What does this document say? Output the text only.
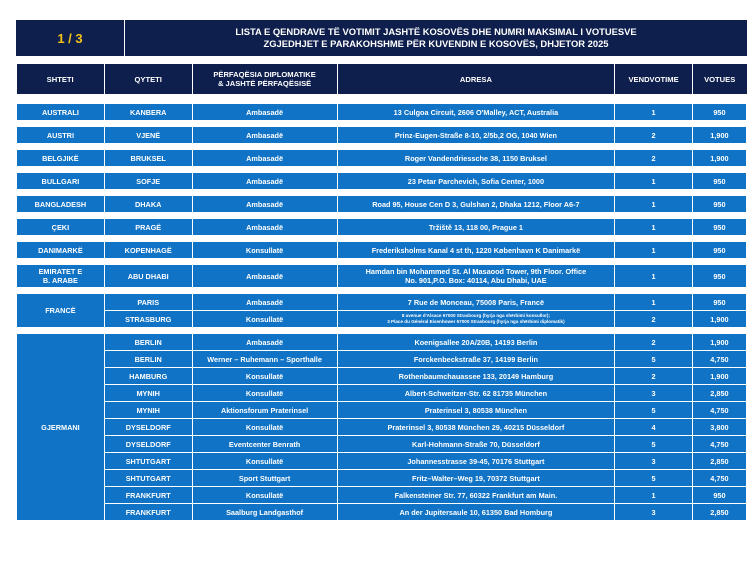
1 / 3	LISTA E QENDRAVE TË VOTIMIT JASHTË KOSOVËS DHE NUMRI MAKSIMAL I VOTUESVE
ZGJEDHJET E PARAKOHSHME PËR KUVENDIN E KOSOVËS, DHJETOR 2025
SHTETI	QYTETI	PËRFAQËSIA DIPLOMATIKE
& JASHTË PËRFAQËSISË	ADRESA	VENDVOTIME	VOTUES

AUSTRALI	KANBERA	Ambasadë	13 Culgoa Circuit, 2606 O'Malley, ACT, Australia	1	950

AUSTRI	VJENË	Ambasadë	Prinz-Eugen-Straße 8-10, 2/5b,2 OG, 1040 Wien	2	1,900

BELGJIKË	BRUKSEL	Ambasadë	Roger Vandendriessche 38, 1150 Bruksel	2	1,900

BULLGARI	SOFJE	Ambasadë	23 Petar Parchevich, Sofia Center, 1000	1	950

BANGLADESH	DHAKA	Ambasadë	Road 95, House Cen D 3, Gulshan 2, Dhaka 1212, Floor A6-7	1	950

ÇEKI	PRAGË	Ambasadë	Tržiště 13, 118 00, Prague 1	1	950

DANIMARKË	KOPENHAGË	Konsullatë	Frederiksholms Kanal 4 st th, 1220 København K Danimarkë	1	950

EMIRATET E
B. ARABE	ABU DHABI	Ambasadë	Hamdan bin Mohammed St. Al Masaood Tower, 9th Floor. Office
No. 901,P.O. Box: 40114, Abu Dhabi, UAE	1	950

FRANCË	PARIS	Ambasadë	7 Rue de Monceau, 75008 Paris, Francë	1	950
	STRASBURG	Konsullatë	8 avenue d'Alsace 67000 Strasbourg (hyrja nga shërbimi konsullor);
3 Place du Général Eisenhower 67000 Strasbourg (hyrja nga shërbimi diplomatik)	2	1,900

GJERMANI	BERLIN	Ambasadë	Koenigsallee 20A/20B, 14193 Berlin	2	1,900
	BERLIN	Werner – Ruhemann – Sporthalle	Forckenbeckstraße 37, 14199 Berlin	5	4,750
	HAMBURG	Konsullatë	Rothenbaumchauassee 133, 20149 Hamburg	2	1,900
	MYNIH	Konsullatë	Albert-Schweitzer-Str. 62 81735 München	3	2,850
	MYNIH	Aktionsforum Praterinsel	Praterinsel 3, 80538 München	5	4,750
	DYSELDORF	Konsullatë	Praterinsel 3, 80538 München 29, 40215 Düsseldorf	4	3,800
	DYSELDORF	Eventcenter Benrath	Karl-Hohmann-Straße 70, Düsseldorf	5	4,750
	SHTUTGART	Konsullatë	Johannesstrasse 39-45, 70176 Stuttgart	3	2,850
	SHTUTGART	Sport Stuttgart	Fritz–Walter–Weg 19, 70372 Stuttgart	5	4,750
	FRANKFURT	Konsullatë	Falkensteiner Str. 77, 60322 Frankfurt am Main.	1	950
	FRANKFURT	Saalburg Landgasthof	An der Jupitersaule 10, 61350 Bad Homburg	3	2,850
